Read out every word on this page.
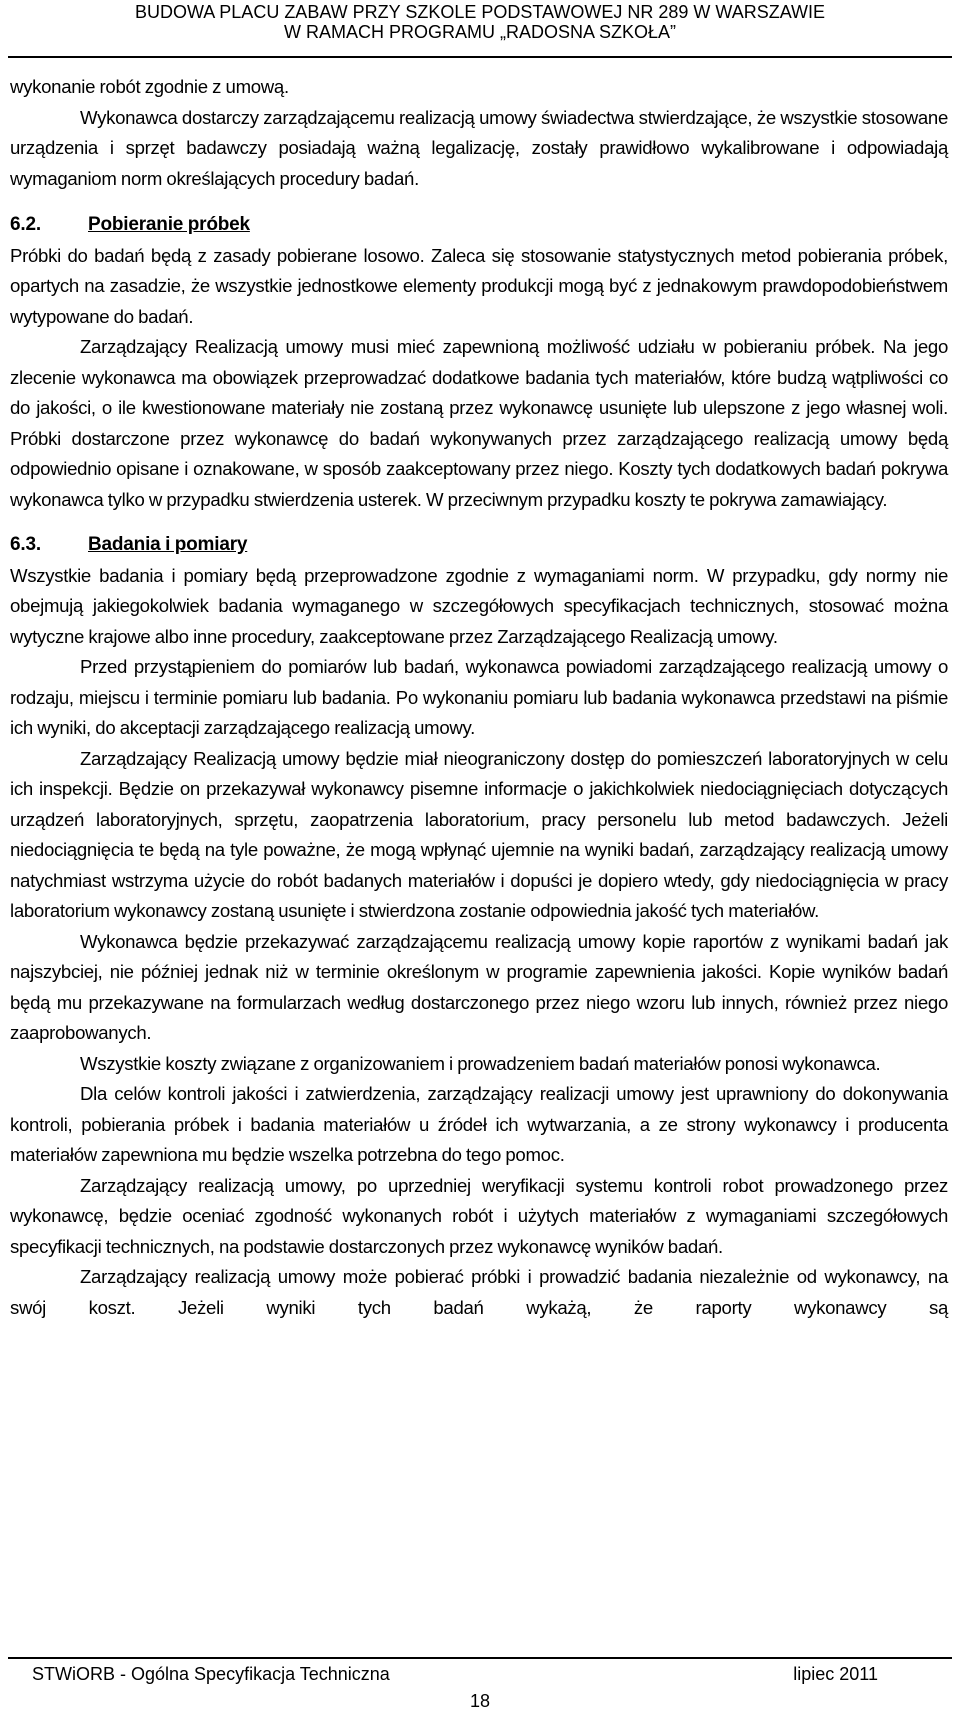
BUDOWA PLACU ZABAW PRZY SZKOLE PODSTAWOWEJ NR 289 W WARSZAWIE
W RAMACH PROGRAMU „RADOSNA SZKOŁA”

wykonanie robót zgodnie z umową.

Wykonawca dostarczy zarządzającemu realizacją umowy świadectwa stwierdzające, że wszystkie stosowane urządzenia i sprzęt badawczy posiadają ważną legalizację, zostały prawidłowo wykalibrowane i odpowiadają wymaganiom norm określających procedury badań.

6.2. Pobieranie próbek

Próbki do badań będą z zasady pobierane losowo. Zaleca się stosowanie statystycznych metod pobierania próbek, opartych na zasadzie, że wszystkie jednostkowe elementy produkcji mogą być z jednakowym prawdopodobieństwem wytypowane do badań.

Zarządzający Realizacją umowy musi mieć zapewnioną możliwość udziału w pobieraniu próbek. Na jego zlecenie wykonawca ma obowiązek przeprowadzać dodatkowe badania tych materiałów, które budzą wątpliwości co do jakości, o ile kwestionowane materiały nie zostaną przez wykonawcę usunięte lub ulepszone z jego własnej woli. Próbki dostarczone przez wykonawcę do badań wykonywanych przez zarządzającego realizacją umowy będą odpowiednio opisane i oznakowane, w sposób zaakceptowany przez niego. Koszty tych dodatkowych badań pokrywa wykonawca tylko w przypadku stwierdzenia usterek. W przeciwnym przypadku koszty te pokrywa zamawiający.

6.3. Badania i pomiary

Wszystkie badania i pomiary będą przeprowadzone zgodnie z wymaganiami norm. W przypadku, gdy normy nie obejmują jakiegokolwiek badania wymaganego w szczegółowych specyfikacjach technicznych, stosować można wytyczne krajowe albo inne procedury, zaakceptowane przez Zarządzającego Realizacją umowy.

Przed przystąpieniem do pomiarów lub badań, wykonawca powiadomi zarządzającego realizacją umowy o rodzaju, miejscu i terminie pomiaru lub badania. Po wykonaniu pomiaru lub badania wykonawca przedstawi na piśmie ich wyniki, do akceptacji zarządzającego realizacją umowy.

Zarządzający Realizacją umowy będzie miał nieograniczony dostęp do pomieszczeń laboratoryjnych w celu ich inspekcji. Będzie on przekazywał wykonawcy pisemne informacje o jakichkolwiek niedociągnięciach dotyczących urządzeń laboratoryjnych, sprzętu, zaopatrzenia laboratorium, pracy personelu lub metod badawczych. Jeżeli niedociągnięcia te będą na tyle poważne, że mogą wpłynąć ujemnie na wyniki badań, zarządzający realizacją umowy natychmiast wstrzyma użycie do robót badanych materiałów i dopuści je dopiero wtedy, gdy niedociągnięcia w pracy laboratorium wykonawcy zostaną usunięte i stwierdzona zostanie odpowiednia jakość tych materiałów.

Wykonawca będzie przekazywać zarządzającemu realizacją umowy kopie raportów z wynikami badań jak najszybciej, nie później jednak niż w terminie określonym w programie zapewnienia jakości. Kopie wyników badań będą mu przekazywane na formularzach według dostarczonego przez niego wzoru lub innych, również przez niego zaaprobowanych.

Wszystkie koszty związane z organizowaniem i prowadzeniem badań materiałów ponosi wykonawca.

Dla celów kontroli jakości i zatwierdzenia, zarządzający realizacji umowy jest uprawniony do dokonywania kontroli, pobierania próbek i badania materiałów u źródeł ich wytwarzania, a ze strony wykonawcy i producenta materiałów zapewniona mu będzie wszelka potrzebna do tego pomoc.

Zarządzający realizacją umowy, po uprzedniej weryfikacji systemu kontroli robot prowadzonego przez wykonawcę, będzie oceniać zgodność wykonanych robót i użytych materiałów z wymaganiami szczegółowych specyfikacji technicznych, na podstawie dostarczonych przez wykonawcę wyników badań.

Zarządzający realizacją umowy może pobierać próbki i prowadzić badania niezależnie od wykonawcy, na swój koszt. Jeżeli wyniki tych badań wykażą, że raporty wykonawcy są

STWiORB - Ogólna Specyfikacja Techniczna	lipiec 2011
18
